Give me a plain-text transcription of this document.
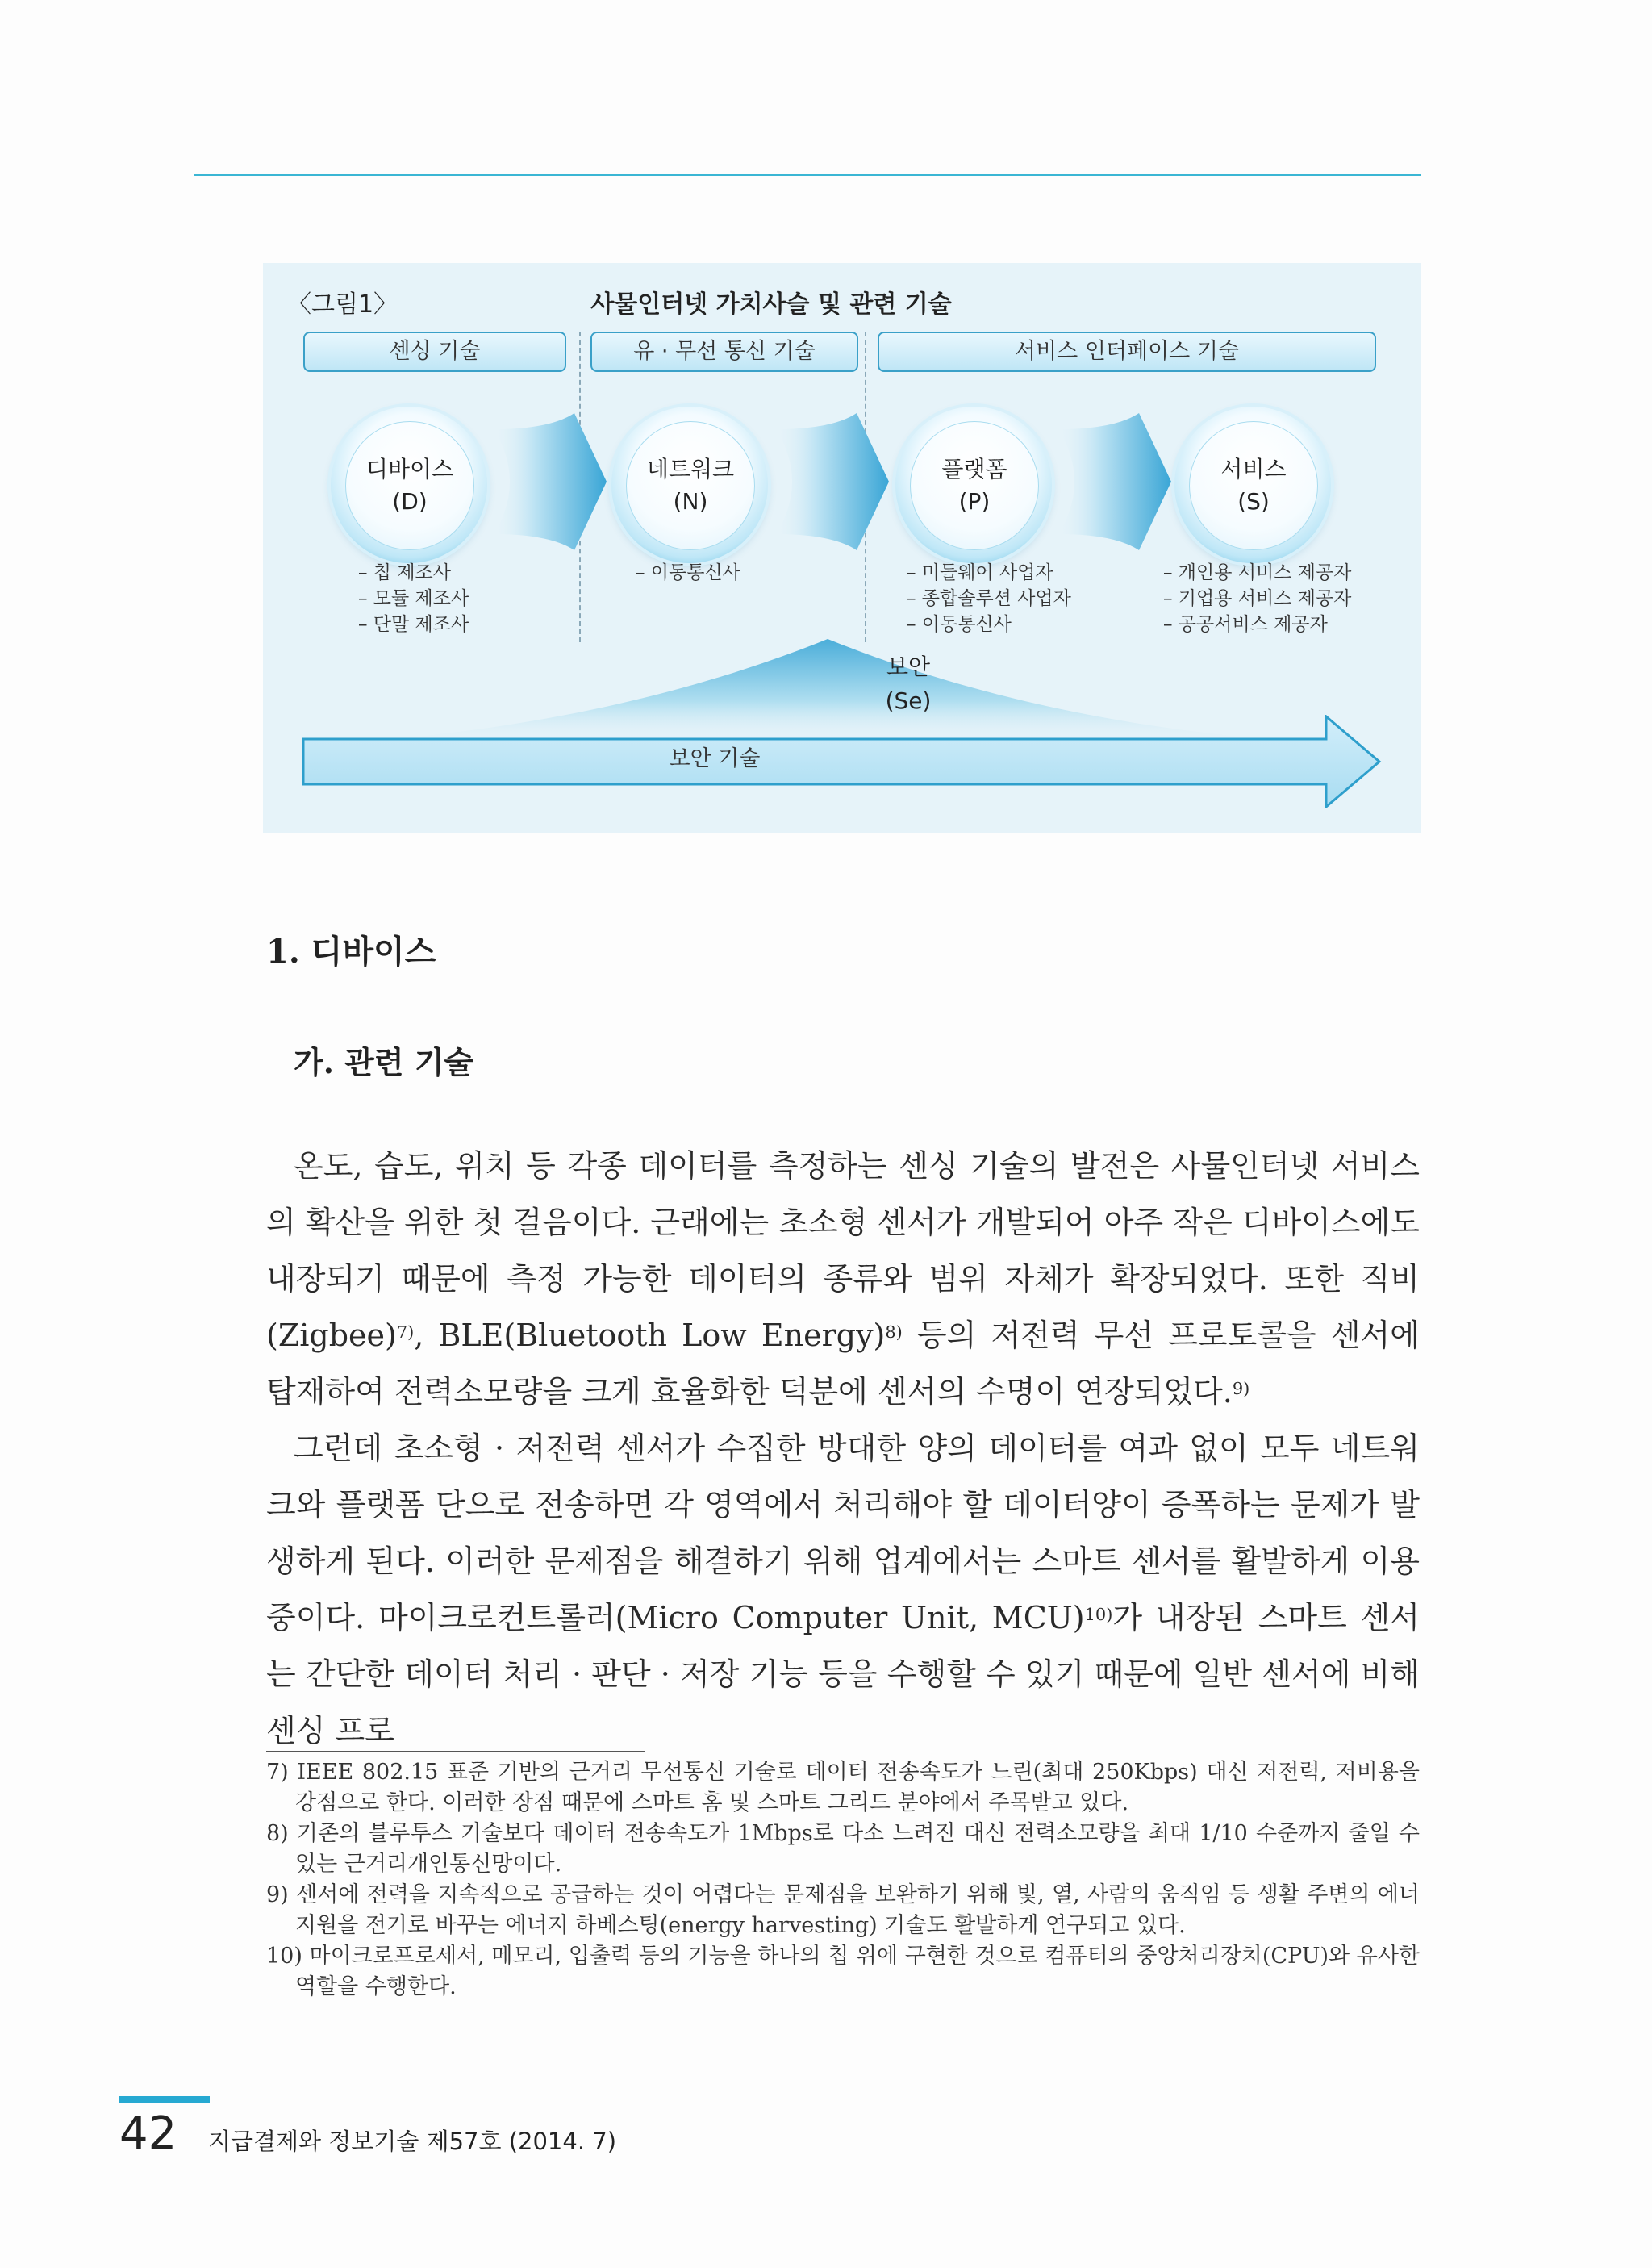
〈그림1〉	사물인터넷 가치사슬 및 관련 기술
센싱 기술	유 · 무선 통신 기술	서비스 인터페이스 기술
디바이스
(D)
네트워크
(N)
플랫폼
(P)
서비스
(S)
– 칩 제조사
– 모듈 제조사
– 단말 제조사
– 이동통신사	– 미들웨어 사업자
– 종합솔루션 사업자
– 이동통신사
– 개인용 서비스 제공자
– 기업용 서비스 제공자
– 공공서비스 제공자
보안
(Se)
보안 기술
1. 디바이스
가. 관련 기술

온도, 습도, 위치 등 각종 데이터를 측정하는 센싱 기술의 발전은 사물인터넷 서비스의 확산을 위한 첫 걸음이다. 근래에는 초소형 센서가 개발되어 아주 작은 디바이스에도 내장되기 때문에 측정 가능한 데이터의 종류와 범위 자체가 확장되었다. 또한 직비(Zigbee)$^{7)}$, BLE(Bluetooth Low Energy)$^{8)}$ 등의 저전력 무선 프로토콜을 센서에 탑재하여 전력소모량을 크게 효율화한 덕분에 센서의 수명이 연장되었다.$^{9)}$

그런데 초소형 · 저전력 센서가 수집한 방대한 양의 데이터를 여과 없이 모두 네트워크와 플랫폼 단으로 전송하면 각 영역에서 처리해야 할 데이터양이 증폭하는 문제가 발생하게 된다. 이러한 문제점을 해결하기 위해 업계에서는 스마트 센서를 활발하게 이용 중이다. 마이크로컨트롤러(Micro Computer Unit, MCU)$^{10)}$가 내장된 스마트 센서는 간단한 데이터 처리 · 판단 · 저장 기능 등을 수행할 수 있기 때문에 일반 센서에 비해 센싱 프로

7) IEEE 802.15 표준 기반의 근거리 무선통신 기술로 데이터 전송속도가 느린(최대 250Kbps) 대신 저전력, 저비용을 강점으로 한다. 이러한 장점 때문에 스마트 홈 및 스마트 그리드 분야에서 주목받고 있다.
8) 기존의 블루투스 기술보다 데이터 전송속도가 1Mbps로 다소 느려진 대신 전력소모량을 최대 1/10 수준까지 줄일 수 있는 근거리개인통신망이다.
9) 센서에 전력을 지속적으로 공급하는 것이 어렵다는 문제점을 보완하기 위해 빛, 열, 사람의 움직임 등 생활 주변의 에너지원을 전기로 바꾸는 에너지 하베스팅(energy harvesting) 기술도 활발하게 연구되고 있다.
10) 마이크로프로세서, 메모리, 입출력 등의 기능을 하나의 칩 위에 구현한 것으로 컴퓨터의 중앙처리장치(CPU)와 유사한 역할을 수행한다.
42 지급결제와 정보기술 제57호 (2014. 7)
